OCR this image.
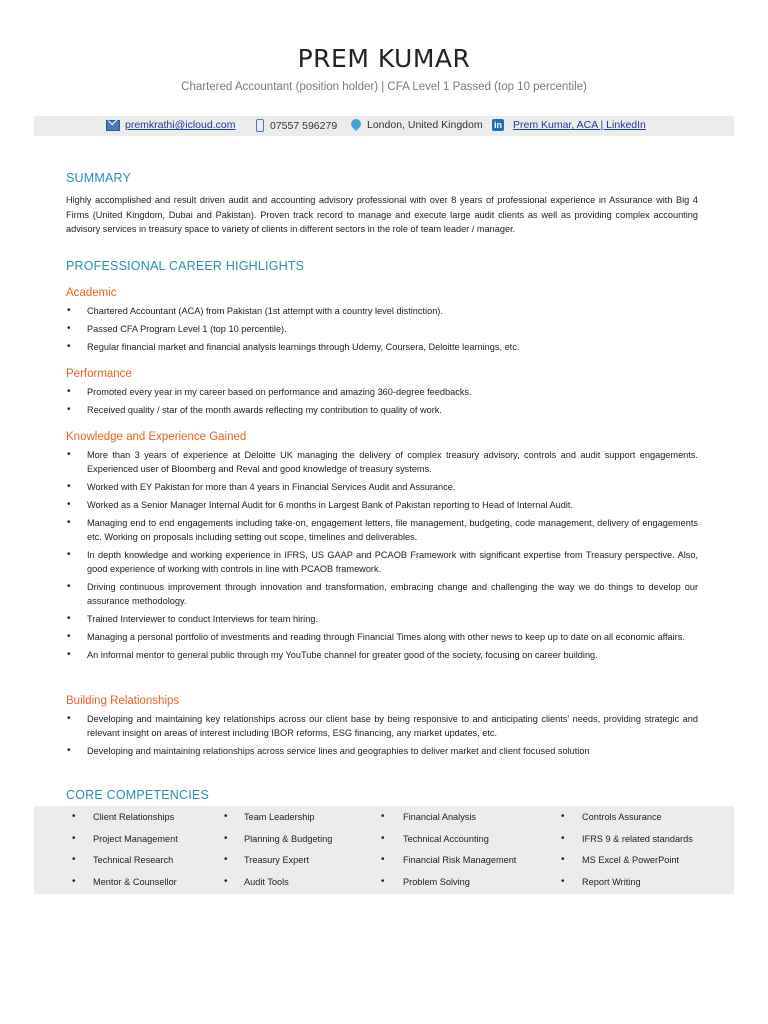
PREM KUMAR
Chartered Accountant (position holder) | CFA Level 1 Passed (top 10 percentile)
premkrathi@icloud.com	07557 596279	London, United Kingdom in Prem Kumar, ACA | LinkedIn
SUMMARY
Highly accomplished and result driven audit and accounting advisory professional with over 8 years of professional experience in Assurance with Big 4 Firms (United Kingdom, Dubai and Pakistan). Proven track record to manage and execute large audit clients as well as providing complex accounting advisory services in treasury space to variety of clients in different sectors in the role of team leader / manager.
PROFESSIONAL CAREER HIGHLIGHTS
Academic
• Chartered Accountant (ACA) from Pakistan (1st attempt with a country level distinction).
• Passed CFA Program Level 1 (top 10 percentile).
• Regular financial market and financial analysis learnings through Udemy, Coursera, Deloitte learnings, etc.
Performance
• Promoted every year in my career based on performance and amazing 360-degree feedbacks.
• Received quality / star of the month awards reflecting my contribution to quality of work.
Knowledge and Experience Gained
• More than 3 years of experience at Deloitte UK managing the delivery of complex treasury advisory, controls and audit support engagements. Experienced user of Bloomberg and Reval and good knowledge of treasury systems.
• Worked with EY Pakistan for more than 4 years in Financial Services Audit and Assurance.
• Worked as a Senior Manager Internal Audit for 6 months in Largest Bank of Pakistan reporting to Head of Internal Audit.
• Managing end to end engagements including take-on, engagement letters, file management, budgeting, code management, delivery of engagements etc. Working on proposals including setting out scope, timelines and deliverables.
• In depth knowledge and working experience in IFRS, US GAAP and PCAOB Framework with significant expertise from Treasury perspective. Also, good experience of working with controls in line with PCAOB framework.
• Driving continuous improvement through innovation and transformation, embracing change and challenging the way we do things to develop our assurance methodology.
• Trained Interviewer to conduct Interviews for team hiring.
• Managing a personal portfolio of investments and reading through Financial Times along with other news to keep up to date on all economic affairs.
• An informal mentor to general public through my YouTube channel for greater good of the society, focusing on career building.
Building Relationships
• Developing and maintaining key relationships across our client base by being responsive to and anticipating clients’ needs, providing strategic and relevant insight on areas of interest including IBOR reforms, ESG financing, any market updates, etc.
• Developing and maintaining relationships across service lines and geographies to deliver market and client focused solution
CORE COMPETENCIES
• Client Relationships
• Project Management
• Technical Research
• Mentor & Counsellor
• Team Leadership
• Planning & Budgeting
• Treasury Expert
• Audit Tools
• Financial Analysis
• Technical Accounting
• Financial Risk Management
• Problem Solving
• Controls Assurance
• IFRS 9 & related standards
• MS Excel & PowerPoint
• Report Writing
